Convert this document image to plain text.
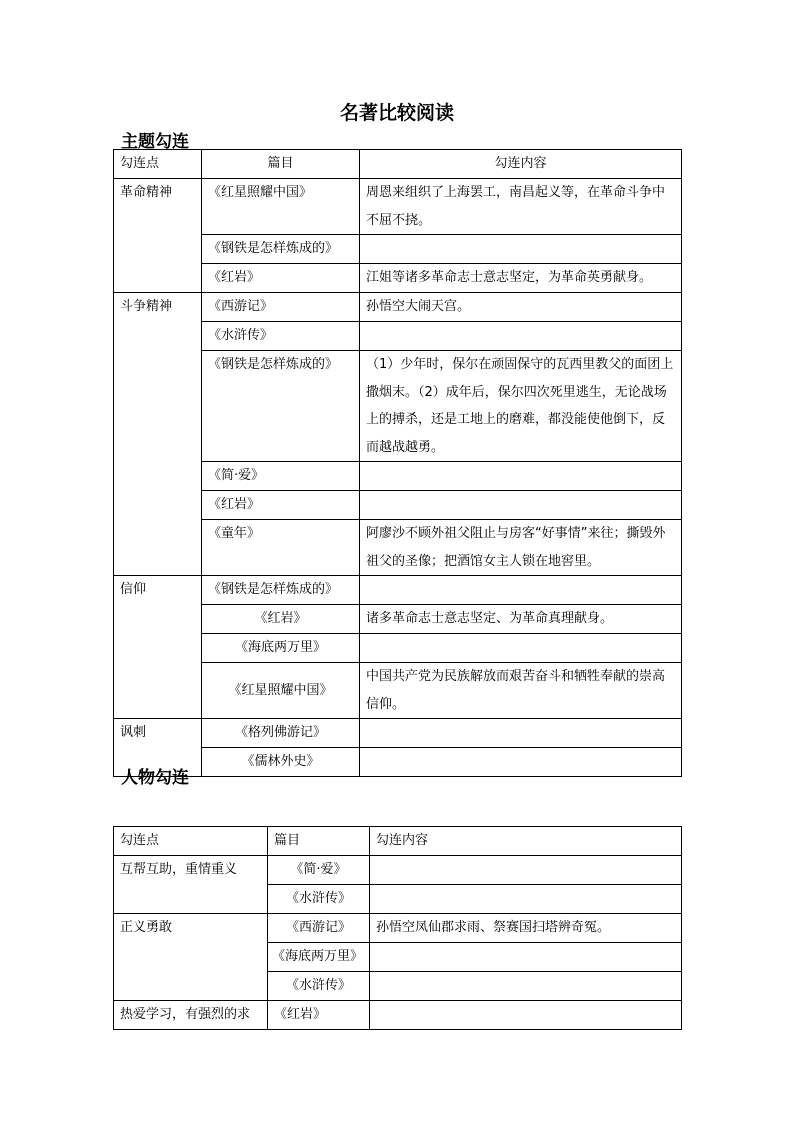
名著比较阅读
主题勾连
勾连点	篇目	勾连内容
革命精神	《红星照耀中国》	周恩来组织了上海罢工，南昌起义等，在革命斗争中不屈不挠。
	《钢铁是怎样炼成的》	
	《红岩》	江姐等诸多革命志士意志坚定，为革命英勇献身。
斗争精神	《西游记》	孙悟空大闹天宫。
	《水浒传》	
	《钢铁是怎样炼成的》	（1）少年时，保尔在顽固保守的瓦西里教父的面团上撒烟末。（2）成年后，保尔四次死里逃生，无论战场上的搏杀，还是工地上的磨难，都没能使他倒下，反而越战越勇。
	《简·爱》	
	《红岩》	
	《童年》	阿廖沙不顾外祖父阻止与房客“好事情”来往；撕毁外祖父的圣像；把酒馆女主人锁在地窖里。
信仰	《钢铁是怎样炼成的》	
	《红岩》	诸多革命志士意志坚定、为革命真理献身。
	《海底两万里》	
	《红星照耀中国》	中国共产党为民族解放而艰苦奋斗和牺牲奉献的崇高信仰。
讽刺	《格列佛游记》	
	《儒林外史》	
人物勾连
勾连点	篇目	勾连内容
互帮互助，重情重义	《简·爱》	
	《水浒传》	
正义勇敢	《西游记》	孙悟空凤仙郡求雨、祭赛国扫塔辨奇冤。
	《海底两万里》	
	《水浒传》	
热爱学习，有强烈的求	《红岩》	
